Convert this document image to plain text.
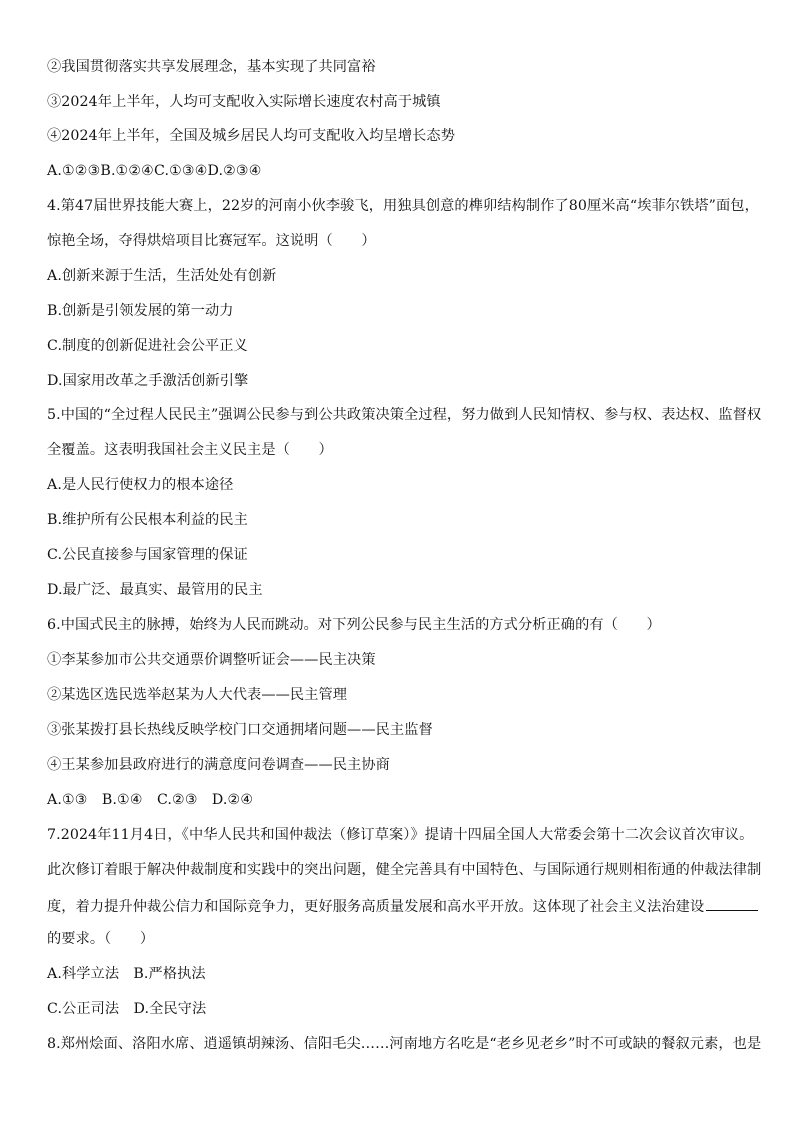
②我国贯彻落实共享发展理念，基本实现了共同富裕
③2024年上半年，人均可支配收入实际增长速度农村高于城镇
④2024年上半年，全国及城乡居民人均可支配收入均呈增长态势
A.①②③B.①②④C.①③④D.②③④
4.第47届世界技能大赛上，22岁的河南小伙李骏飞，用独具创意的榫卯结构制作了80厘米高“埃菲尔铁塔”面包，
惊艳全场，夺得烘焙项目比赛冠军。这说明（　　）
A.创新来源于生活，生活处处有创新
B.创新是引领发展的第一动力
C.制度的创新促进社会公平正义
D.国家用改革之手激活创新引擎
5.中国的“全过程人民民主”强调公民参与到公共政策决策全过程，努力做到人民知情权、参与权、表达权、监督权
全覆盖。这表明我国社会主义民主是（　　）
A.是人民行使权力的根本途径
B.维护所有公民根本利益的民主
C.公民直接参与国家管理的保证
D.最广泛、最真实、最管用的民主
6.中国式民主的脉搏，始终为人民而跳动。对下列公民参与民主生活的方式分析正确的有（　　）
①李某参加市公共交通票价调整听证会——民主决策
②某选区选民选举赵某为人大代表——民主管理
③张某拨打县长热线反映学校门口交通拥堵问题——民主监督
④王某参加县政府进行的满意度问卷调查——民主协商
A.①③　B.①④　C.②③　D.②④
7.2024年11月4日，《中华人民共和国仲裁法（修订草案）》提请十四届全国人大常委会第十二次会议首次审议。
此次修订着眼于解决仲裁制度和实践中的突出问题，健全完善具有中国特色、与国际通行规则相衔通的仲裁法律制
度，着力提升仲裁公信力和国际竞争力，更好服务高质量发展和高水平开放。这体现了社会主义法治建设
的要求。（　　）
A.科学立法　B.严格执法
C.公正司法　D.全民守法
8.郑州烩面、洛阳水席、逍遥镇胡辣汤、信阳毛尖……河南地方名吃是“老乡见老乡”时不可或缺的餐叙元素，也是
